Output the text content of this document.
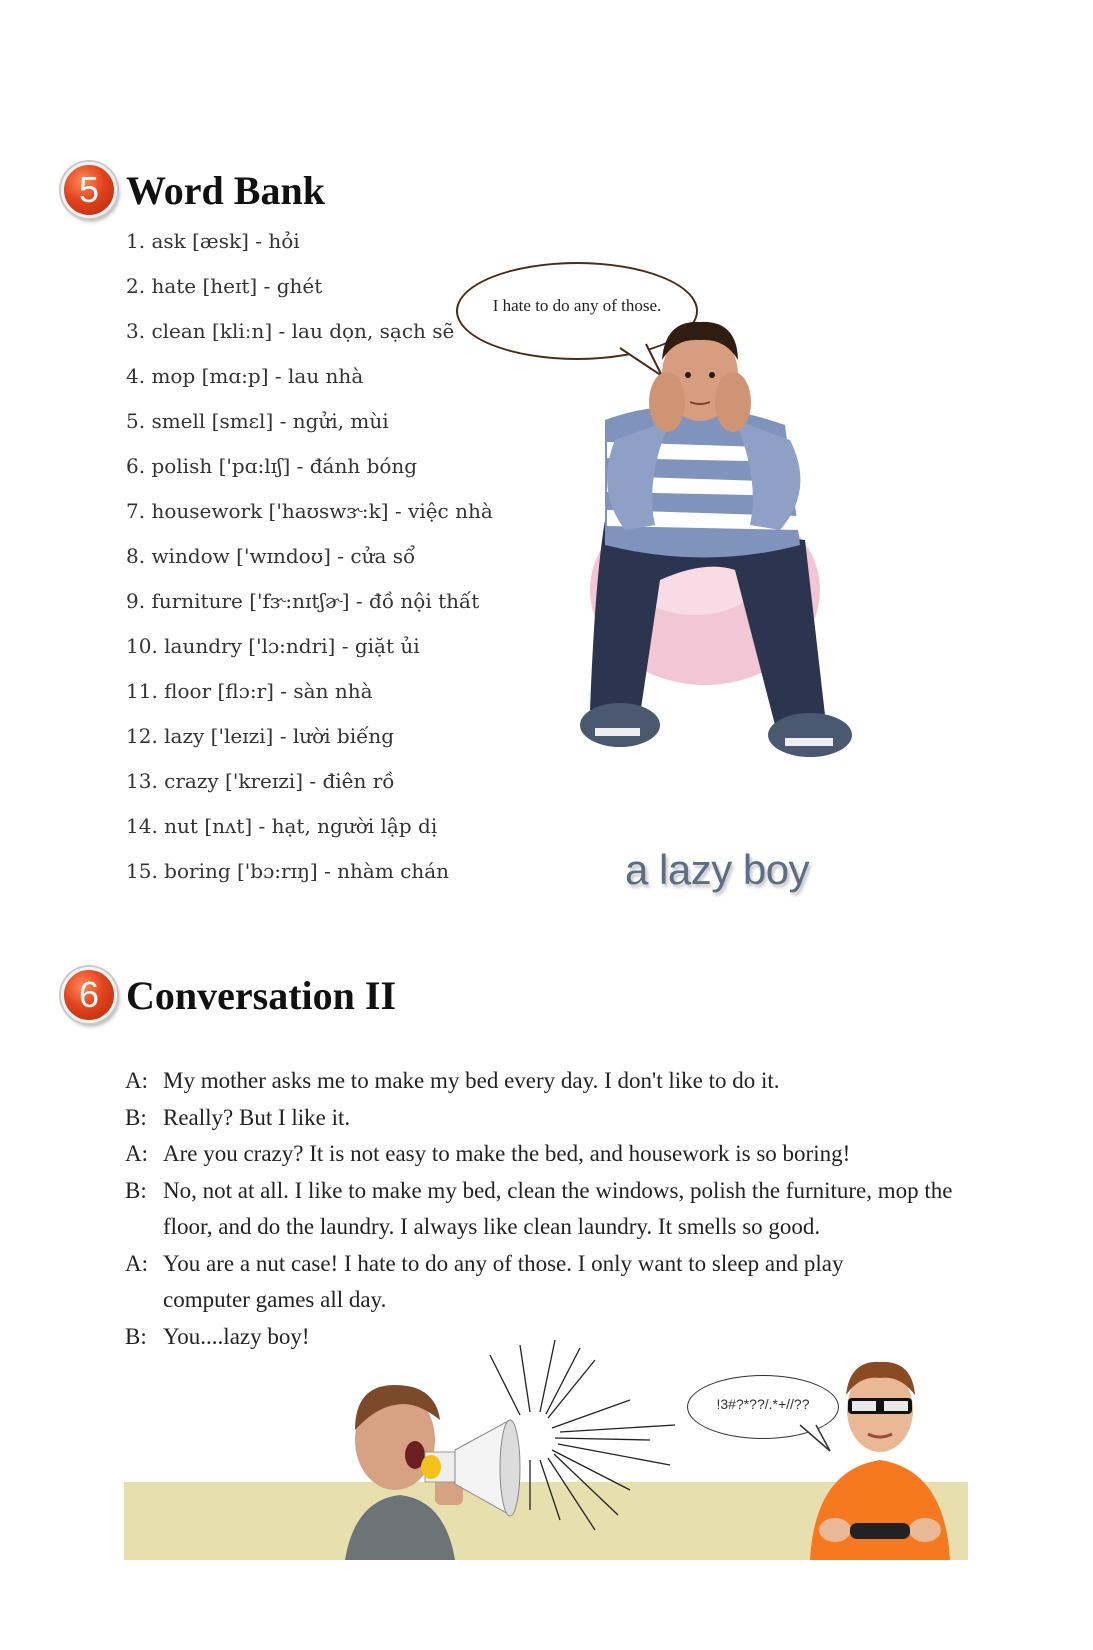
5 Word Bank
1. ask [æsk] - hỏi
2. hate [heɪt] - ghét
3. clean [kliːn] - lau dọn, sạch sẽ
4. mop [mɑ:p] - lau nhà
5. smell [smɛl] - ngửi, mùi
6. polish ['pɑ:lɪʃ] - đánh bóng
7. housework ['haʊswɝ:k] - việc nhà
8. window ['wɪndoʊ] - cửa sổ
9. furniture ['fɝ:nɪtʃɚ] - đồ nội thất
10. laundry ['lɔ:ndri] - giặt ủi
11. floor [flɔ:r] - sàn nhà
12. lazy ['leɪzi] - lười biếng
13. crazy ['kreɪzi] - điên rồ
14. nut [nʌt] - hạt, người lập dị
15. boring ['bɔ:rɪŋ] - nhàm chán
I hate to do any of those.
a lazy boy
6 Conversation II
A: My mother asks me to make my bed every day. I don't like to do it.
B: Really? But I like it.
A: Are you crazy? It is not easy to make the bed, and housework is so boring!
B: No, not at all. I like to make my bed, clean the windows, polish the furniture, mop the floor, and do the laundry. I always like clean laundry. It smells so good.
A: You are a nut case! I hate to do any of those. I only want to sleep and play computer games all day.
B: You....lazy boy!
!3#?*??/.*+//??
